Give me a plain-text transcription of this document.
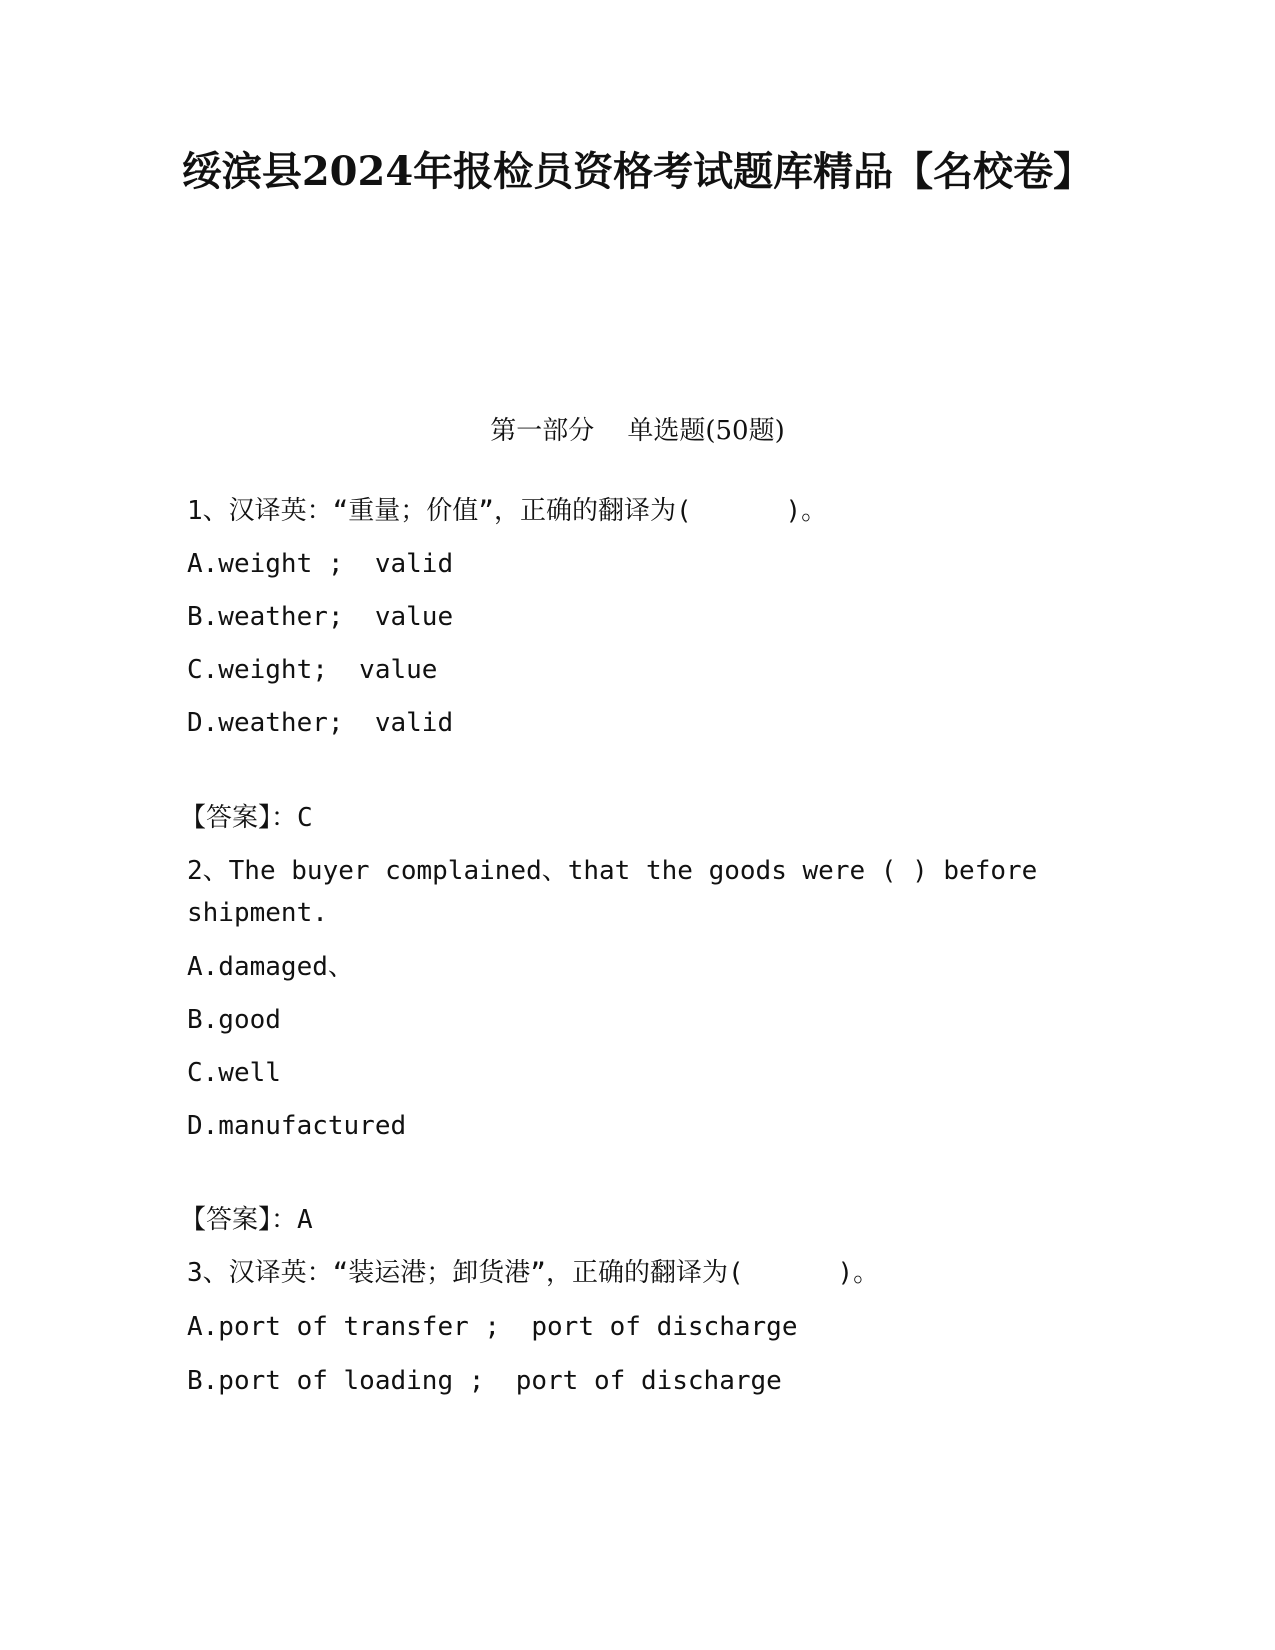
绥滨县2024年报检员资格考试题库精品【名校卷】
第一部分    单选题(50题)
1、汉译英：“重量；价值”，正确的翻译为(      )。
A.weight ;  valid
B.weather;  value
C.weight;  value
D.weather;  valid
【答案】：C
2、The buyer complained、that the goods were ( ) before shipment.
A.damaged、
B.good
C.well
D.manufactured
【答案】：A
3、汉译英：“装运港；卸货港”，正确的翻译为(      )。
A.port of transfer ;  port of discharge
B.port of loading ;  port of discharge
